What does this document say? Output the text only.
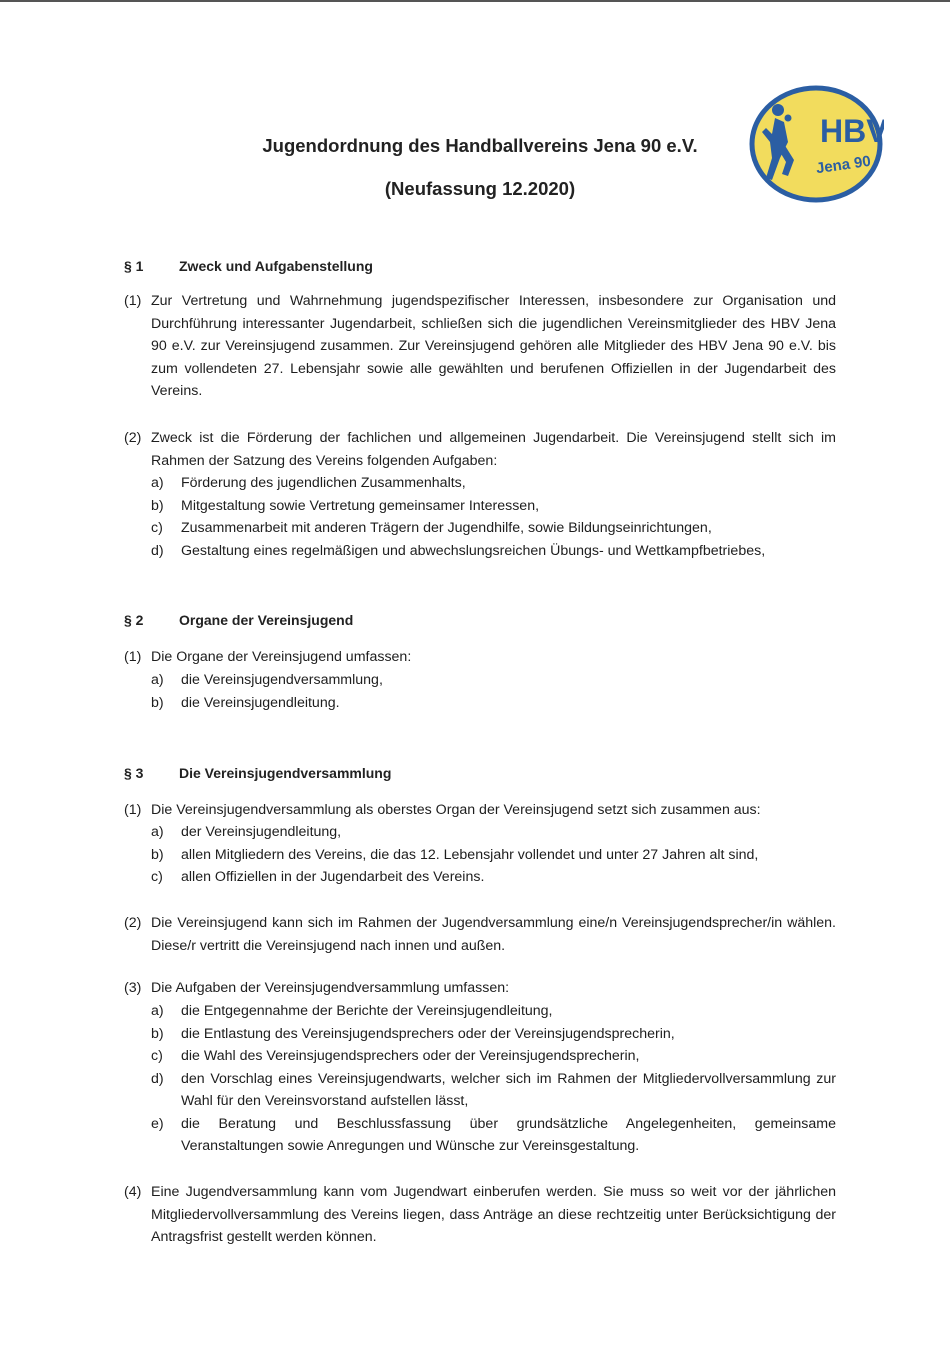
HBV
Jena 90
Jugendordnung des Handballvereins Jena 90 e.V.
(Neufassung 12.2020)
§ 1	Zweck und Aufgabenstellung
(1) Zur Vertretung und Wahrnehmung jugendspezifischer Interessen, insbesondere zur Organisation und Durchführung interessanter Jugendarbeit, schließen sich die jugendlichen Vereinsmitglieder des HBV Jena 90 e.V. zur Vereinsjugend zusammen. Zur Vereinsjugend gehören alle Mitglieder des HBV Jena 90 e.V. bis zum vollendeten 27. Lebensjahr sowie alle gewählten und berufenen Offiziellen in der Jugendarbeit des Vereins.
(2) Zweck ist die Förderung der fachlichen und allgemeinen Jugendarbeit. Die Vereinsjugend stellt sich im Rahmen der Satzung des Vereins folgenden Aufgaben:
a) Förderung des jugendlichen Zusammenhalts,
b) Mitgestaltung sowie Vertretung gemeinsamer Interessen,
c) Zusammenarbeit mit anderen Trägern der Jugendhilfe, sowie Bildungseinrichtungen,
d) Gestaltung eines regelmäßigen und abwechslungsreichen Übungs- und Wettkampfbetriebes,
§ 2	Organe der Vereinsjugend
(1) Die Organe der Vereinsjugend umfassen:
a) die Vereinsjugendversammlung,
b) die Vereinsjugendleitung.
§ 3	Die Vereinsjugendversammlung
(1) Die Vereinsjugendversammlung als oberstes Organ der Vereinsjugend setzt sich zusammen aus:
a) der Vereinsjugendleitung,
b) allen Mitgliedern des Vereins, die das 12. Lebensjahr vollendet und unter 27 Jahren alt sind,
c) allen Offiziellen in der Jugendarbeit des Vereins.
(2) Die Vereinsjugend kann sich im Rahmen der Jugendversammlung eine/n Vereinsjugendsprecher/in wählen. Diese/r vertritt die Vereinsjugend nach innen und außen.
(3) Die Aufgaben der Vereinsjugendversammlung umfassen:
a) die Entgegennahme der Berichte der Vereinsjugendleitung,
b) die Entlastung des Vereinsjugendsprechers oder der Vereinsjugendsprecherin,
c) die Wahl des Vereinsjugendsprechers oder der Vereinsjugendsprecherin,
d) den Vorschlag eines Vereinsjugendwarts, welcher sich im Rahmen der Mitgliedervollversammlung zur Wahl für den Vereinsvorstand aufstellen lässt,
e) die Beratung und Beschlussfassung über grundsätzliche Angelegenheiten, gemeinsame Veranstaltungen sowie Anregungen und Wünsche zur Vereinsgestaltung.
(4) Eine Jugendversammlung kann vom Jugendwart einberufen werden. Sie muss so weit vor der jährlichen Mitgliedervollversammlung des Vereins liegen, dass Anträge an diese rechtzeitig unter Berücksichtigung der Antragsfrist gestellt werden können.
